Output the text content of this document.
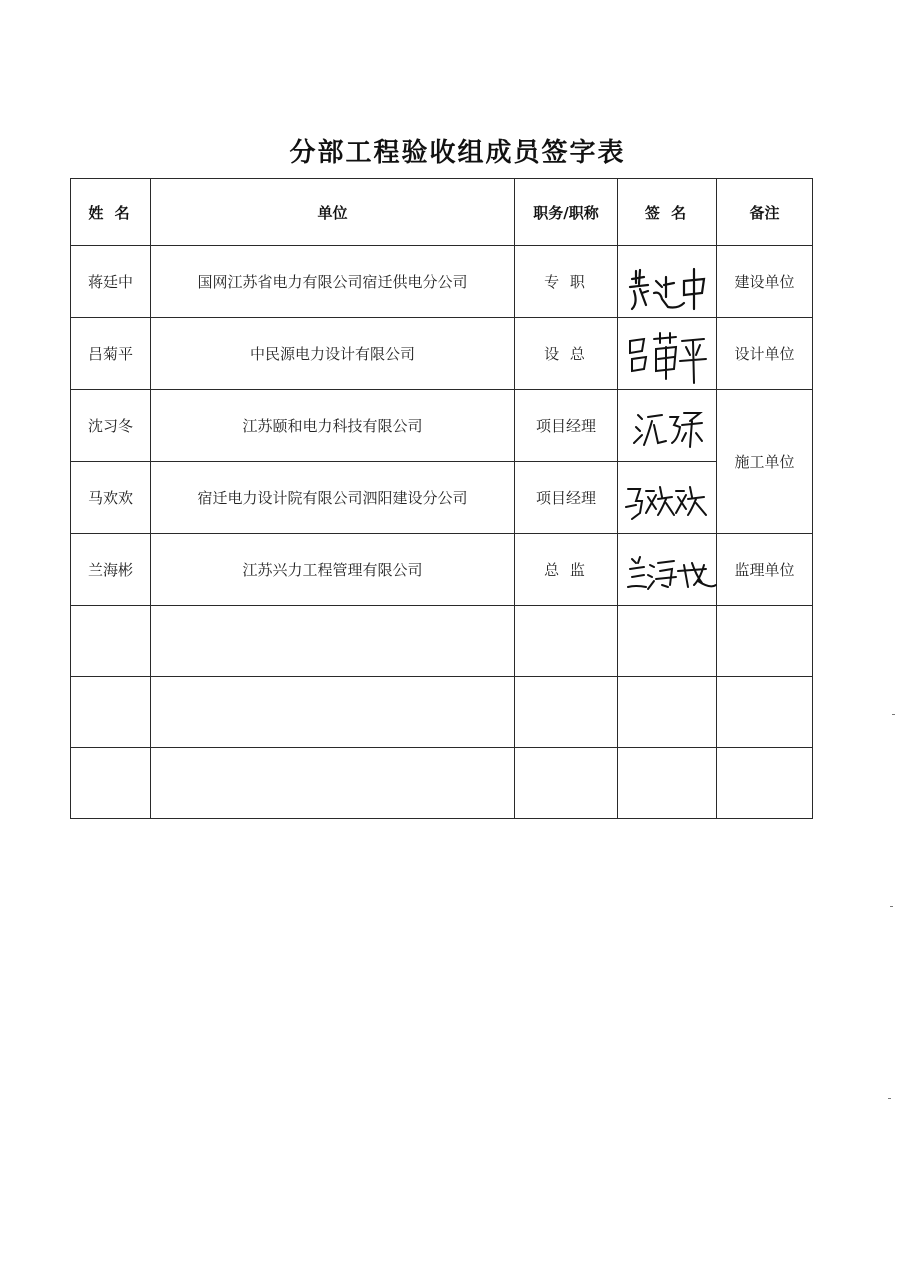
分部工程验收组成员签字表
姓 名	单位	职务/职称	签 名	备注
蒋廷中	国网江苏省电力有限公司宿迁供电分公司	专 职		建设单位
吕菊平	中民源电力设计有限公司	设 总		设计单位
沈习冬	江苏颐和电力科技有限公司	项目经理		施工单位
马欢欢	宿迁电力设计院有限公司泗阳建设分公司	项目经理	

兰海彬	江苏兴力工程管理有限公司	总 监		监理单位
